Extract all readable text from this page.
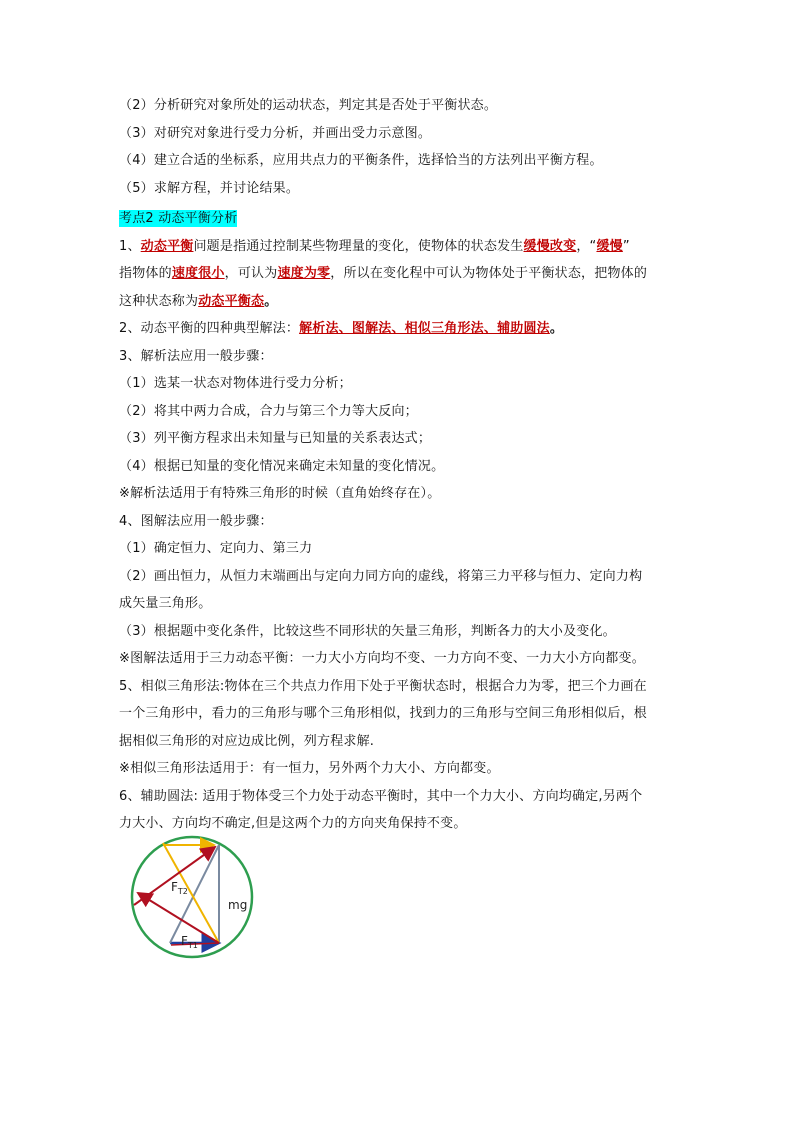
（2）分析研究对象所处的运动状态，判定其是否处于平衡状态。
（3）对研究对象进行受力分析，并画出受力示意图。
（4）建立合适的坐标系，应用共点力的平衡条件，选择恰当的方法列出平衡方程。
（5）求解方程，并讨论结果。
考点2 动态平衡分析
1、动态平衡问题是指通过控制某些物理量的变化，使物体的状态发生缓慢改变，“缓慢”
指物体的速度很小，可认为速度为零，所以在变化程中可认为物体处于平衡状态，把物体的
这种状态称为动态平衡态。
2、动态平衡的四种典型解法：解析法、图解法、相似三角形法、辅助圆法。
3、解析法应用一般步骤：
（1）选某一状态对物体进行受力分析；
（2）将其中两力合成，合力与第三个力等大反向；
（3）列平衡方程求出未知量与已知量的关系表达式；
（4）根据已知量的变化情况来确定未知量的变化情况。
※解析法适用于有特殊三角形的时候（直角始终存在）。
4、图解法应用一般步骤：
（1）确定恒力、定向力、第三力
（2）画出恒力，从恒力末端画出与定向力同方向的虚线，将第三力平移与恒力、定向力构
成矢量三角形。
（3）根据题中变化条件，比较这些不同形状的矢量三角形，判断各力的大小及变化。
※图解法适用于三力动态平衡：一力大小方向均不变、一力方向不变、一力大小方向都变。
5、相似三角形法:物体在三个共点力作用下处于平衡状态时，根据合力为零，把三个力画在
一个三角形中，看力的三角形与哪个三角形相似，找到力的三角形与空间三角形相似后，根
据相似三角形的对应边成比例，列方程求解.
※相似三角形法适用于：有一恒力，另外两个力大小、方向都变。
6、辅助圆法: 适用于物体受三个力处于动态平衡时，其中一个力大小、方向均确定,另两个
力大小、方向均不确定,但是这两个力的方向夹角保持不变。
$F_{T2}$
mg
$F_{T1}$
